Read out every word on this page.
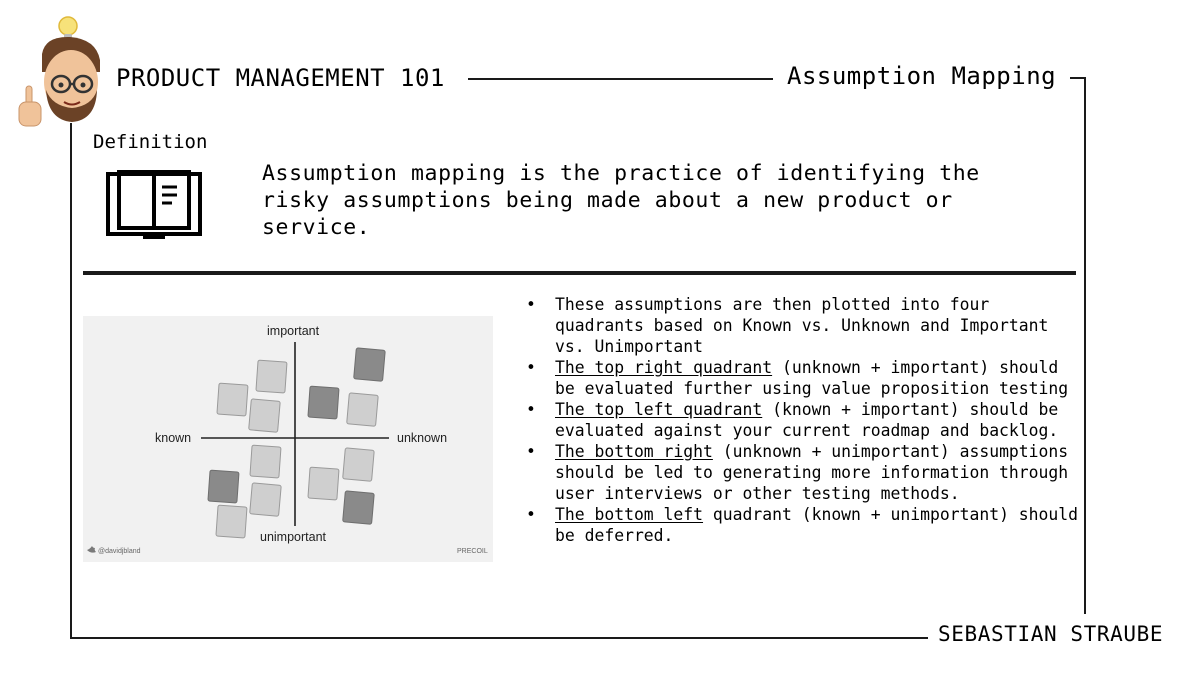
PRODUCT MANAGEMENT 101	Assumption Mapping
Definition
Assumption mapping is the practice of identifying the risky assumptions being made about a new product or service.
important
unimportant
known	unknown
@davidjbland	PRECOIL
• These assumptions are then plotted into four quadrants based on Known vs. Unknown and Important vs. Unimportant
• The top right quadrant (unknown + important) should be evaluated further using value proposition testing
• The top left quadrant (known + important) should be evaluated against your current roadmap and backlog.
• The bottom right (unknown + unimportant) assumptions should be led to generating more information through user interviews or other testing methods.
• The bottom left quadrant (known + unimportant) should be deferred.
SEBASTIAN STRAUBE
